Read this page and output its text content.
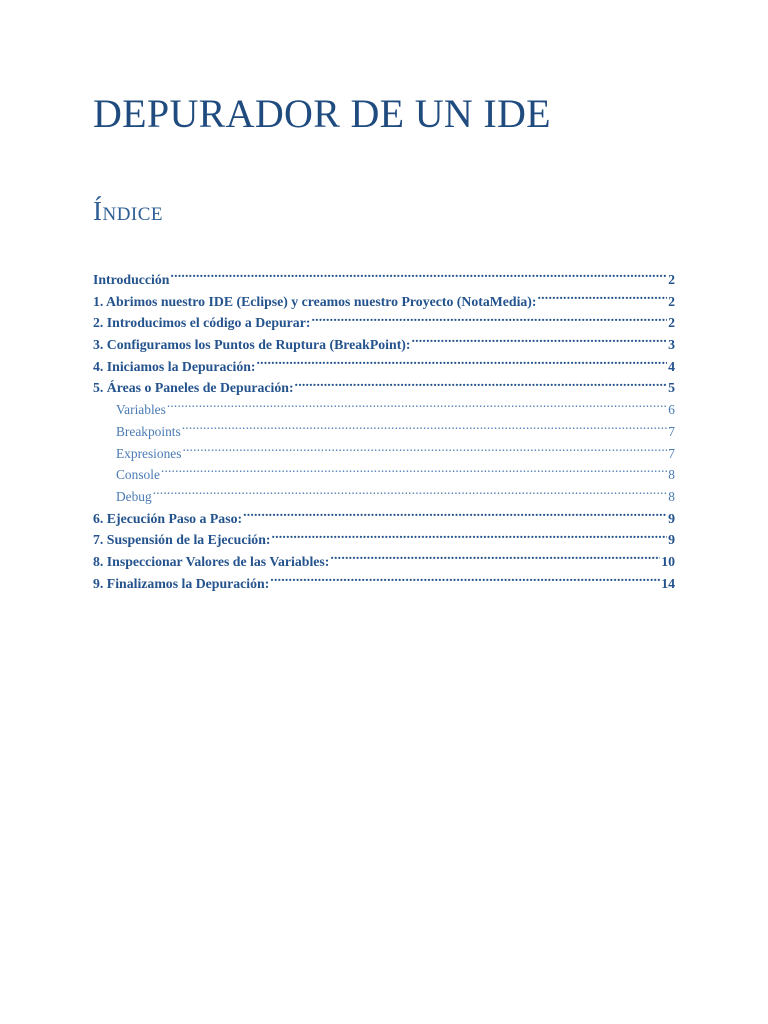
DEPURADOR DE UN IDE
Índice
Introducción .....	2
1. Abrimos nuestro IDE (Eclipse) y creamos nuestro Proyecto (NotaMedia): .....	2
2. Introducimos el código a Depurar: .....	2
3. Configuramos los Puntos de Ruptura (BreakPoint): .....	3
4. Iniciamos la Depuración: .....	4
5. Áreas o Paneles de Depuración: .....	5
Variables .....	6
Breakpoints .....	7
Expresiones .....	7
Console .....	8
Debug .....	8
6. Ejecución Paso a Paso: .....	9
7. Suspensión de la Ejecución: .....	9
8. Inspeccionar Valores de las Variables: .....	10
9. Finalizamos la Depuración: .....	14
